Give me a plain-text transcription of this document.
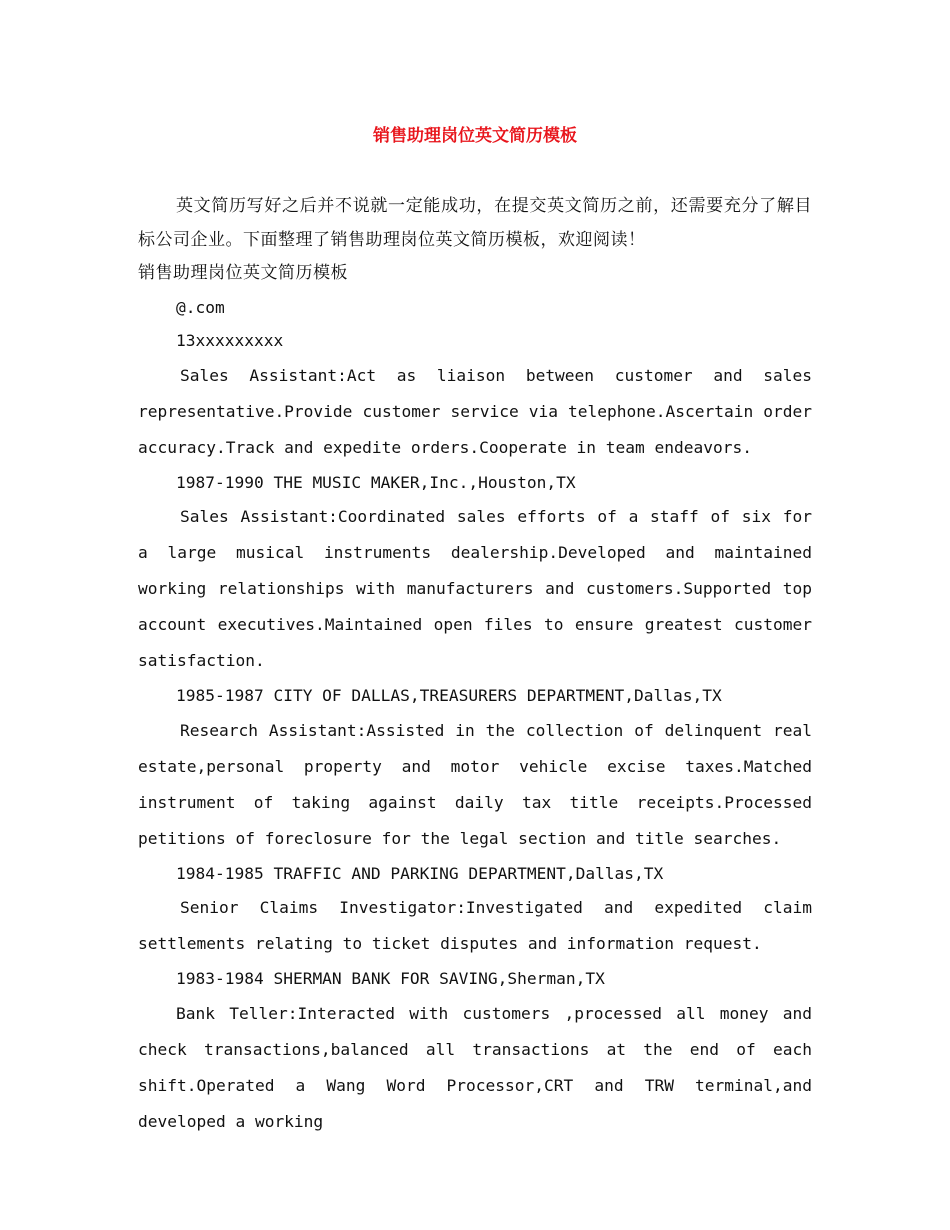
销售助理岗位英文简历模板

英文简历写好之后并不说就一定能成功，在提交英文简历之前，还需要充分了解目标公司企业。下面整理了销售助理岗位英文简历模板，欢迎阅读！

销售助理岗位英文简历模板

@.com

13xxxxxxxxx

Sales Assistant:Act as liaison between customer and sales representative.Provide customer service via telephone.Ascertain order accuracy.Track and expedite orders.Cooperate in team endeavors.

1987-1990 THE MUSIC MAKER,Inc.,Houston,TX

Sales Assistant:Coordinated sales efforts of a staff of six for a large musical instruments dealership.Developed and maintained working relationships with manufacturers and customers.Supported top account executives.Maintained open files to ensure greatest customer satisfaction.

1985-1987 CITY OF DALLAS,TREASURERS DEPARTMENT,Dallas,TX

Research Assistant:Assisted in the collection of delinquent real estate,personal property and motor vehicle excise taxes.Matched instrument of taking against daily tax title receipts.Processed petitions of foreclosure for the legal section and title searches.

1984-1985 TRAFFIC AND PARKING DEPARTMENT,Dallas,TX

Senior Claims Investigator:Investigated and expedited claim settlements relating to ticket disputes and information request.

1983-1984 SHERMAN BANK FOR SAVING,Sherman,TX

Bank Teller:Interacted with customers ,processed all money and check transactions,balanced all transactions at the end of each shift.Operated a Wang Word Processor,CRT and TRW terminal,and developed a working
